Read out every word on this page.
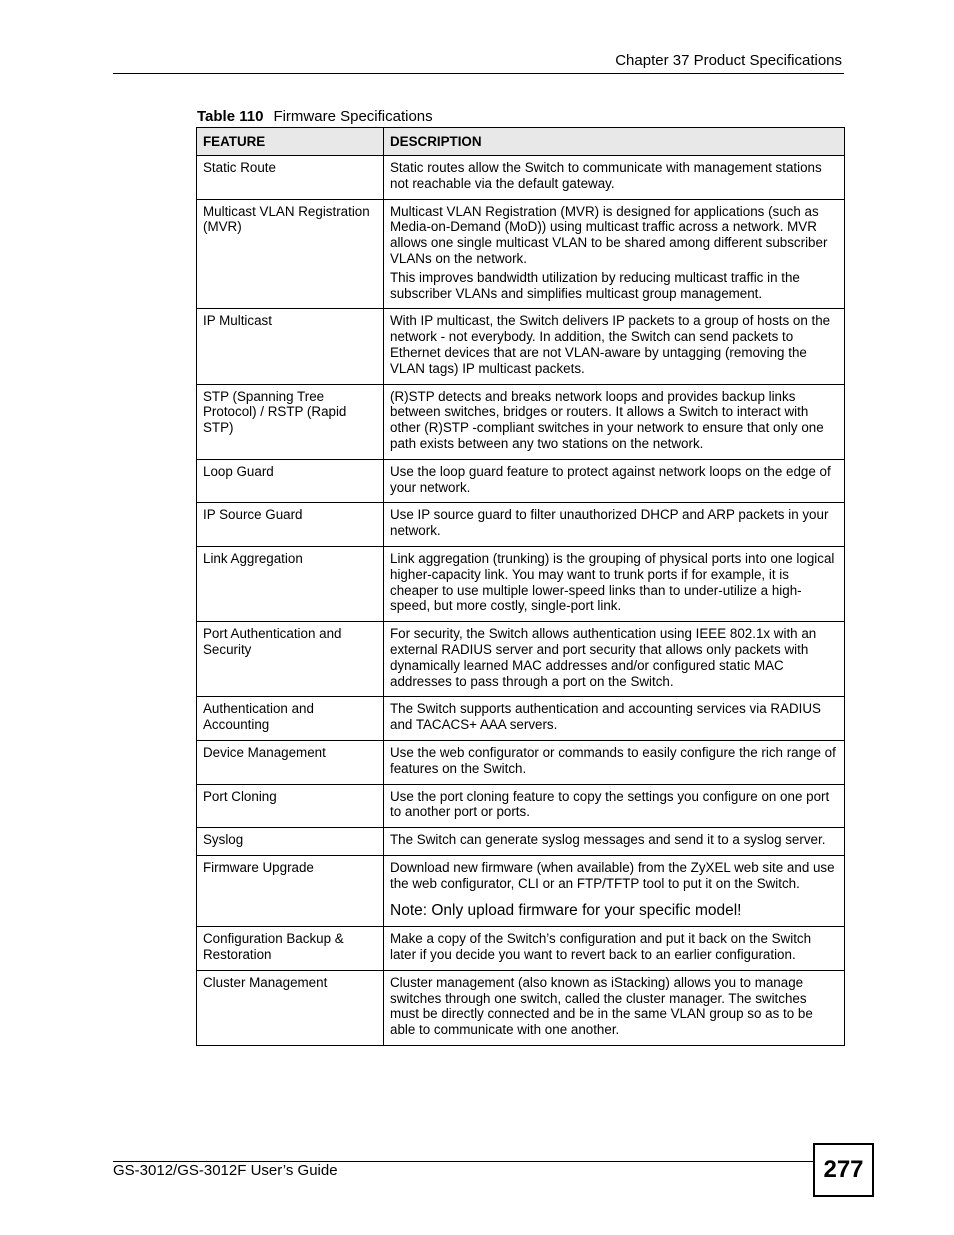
Chapter 37 Product Specifications
Table 110 Firmware Specifications
FEATURE	DESCRIPTION
Static Route	Static routes allow the Switch to communicate with management stations not reachable via the default gateway.

Multicast VLAN Registration (MVR)	Multicast VLAN Registration (MVR) is designed for applications (such as Media-on-Demand (MoD)) using multicast traffic across a network. MVR allows one single multicast VLAN to be shared among different subscriber VLANs on the network.

This improves bandwidth utilization by reducing multicast traffic in the subscriber VLANs and simplifies multicast group management.

IP Multicast	With IP multicast, the Switch delivers IP packets to a group of hosts on the network - not everybody. In addition, the Switch can send packets to Ethernet devices that are not VLAN-aware by untagging (removing the VLAN tags) IP multicast packets.

STP (Spanning Tree Protocol) / RSTP (Rapid STP)	(R)STP detects and breaks network loops and provides backup links between switches, bridges or routers. It allows a Switch to interact with other (R)STP -compliant switches in your network to ensure that only one path exists between any two stations on the network.

Loop Guard	Use the loop guard feature to protect against network loops on the edge of your network.

IP Source Guard	Use IP source guard to filter unauthorized DHCP and ARP packets in your network.

Link Aggregation	Link aggregation (trunking) is the grouping of physical ports into one logical higher-capacity link. You may want to trunk ports if for example, it is cheaper to use multiple lower-speed links than to under-utilize a high-speed, but more costly, single-port link.

Port Authentication and Security	For security, the Switch allows authentication using IEEE 802.1x with an external RADIUS server and port security that allows only packets with dynamically learned MAC addresses and/or configured static MAC addresses to pass through a port on the Switch.

Authentication and Accounting	The Switch supports authentication and accounting services via RADIUS and TACACS+ AAA servers.

Device Management	Use the web configurator or commands to easily configure the rich range of features on the Switch.

Port Cloning	Use the port cloning feature to copy the settings you configure on one port to another port or ports.

Syslog	The Switch can generate syslog messages and send it to a syslog server.

Firmware Upgrade	Download new firmware (when available) from the ZyXEL web site and use the web configurator, CLI or an FTP/TFTP tool to put it on the Switch.

Note: Only upload firmware for your specific model!

Configuration Backup & Restoration	Make a copy of the Switch’s configuration and put it back on the Switch later if you decide you want to revert back to an earlier configuration.

Cluster Management	Cluster management (also known as iStacking) allows you to manage switches through one switch, called the cluster manager. The switches must be directly connected and be in the same VLAN group so as to be able to communicate with one another.

GS-3012/GS-3012F User’s Guide	277
